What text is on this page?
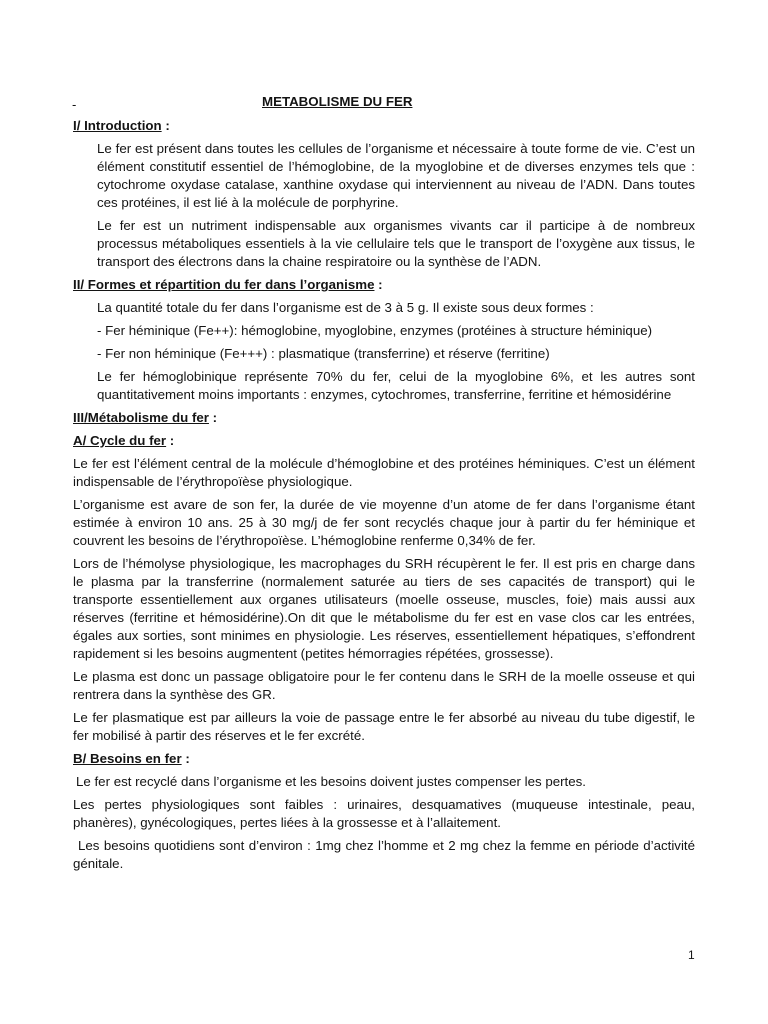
-	METABOLISME DU FER
I/ Introduction :

Le fer est présent dans toutes les cellules de l’organisme et nécessaire à toute forme de vie. C’est un élément constitutif essentiel de l’hémoglobine, de la myoglobine et de diverses enzymes tels que : cytochrome oxydase catalase, xanthine oxydase qui interviennent au niveau de l’ADN. Dans toutes ces protéines, il est lié à la molécule de porphyrine.

Le fer est un nutriment indispensable aux organismes vivants car il participe à de nombreux processus métaboliques essentiels à la vie cellulaire tels que le transport de l’oxygène aux tissus, le transport des électrons dans la chaine respiratoire ou la synthèse de l’ADN.

II/ Formes et répartition du fer dans l’organisme :

La quantité totale du fer dans l’organisme est de 3 à 5 g. Il existe sous deux formes :

- Fer héminique (Fe++): hémoglobine, myoglobine, enzymes (protéines à structure héminique)

- Fer non héminique (Fe+++) : plasmatique (transferrine) et réserve (ferritine)

Le fer hémoglobinique représente 70% du fer, celui de la myoglobine 6%, et les autres sont quantitativement moins importants : enzymes, cytochromes, transferrine, ferritine et hémosidérine

III/Métabolisme du fer :
A/ Cycle du fer :

Le fer est l’élément central de la molécule d’hémoglobine et des protéines héminiques. C’est un élément indispensable de l’érythropoïèse physiologique.

L’organisme est avare de son fer, la durée de vie moyenne d’un atome de fer dans l’organisme étant estimée à environ 10 ans. 25 à 30 mg/j de fer sont recyclés chaque jour à partir du fer héminique et couvrent les besoins de l’érythropoïèse. L’hémoglobine renferme 0,34% de fer.

Lors de l’hémolyse physiologique, les macrophages du SRH récupèrent le fer. Il est pris en charge dans le plasma par la transferrine (normalement saturée au tiers de ses capacités de transport) qui le transporte essentiellement aux organes utilisateurs (moelle osseuse, muscles, foie) mais aussi aux réserves (ferritine et hémosidérine).On dit que le métabolisme du fer est en vase clos car les entrées, égales aux sorties, sont minimes en physiologie. Les réserves, essentiellement hépatiques, s’effondrent rapidement si les besoins augmentent (petites hémorragies répétées, grossesse).

Le plasma est donc un passage obligatoire pour le fer contenu dans le SRH de la moelle osseuse et qui rentrera dans la synthèse des GR.

Le fer plasmatique est par ailleurs la voie de passage entre le fer absorbé au niveau du tube digestif, le fer mobilisé à partir des réserves et le fer excrété.

B/ Besoins en fer :

Le fer est recyclé dans l’organisme et les besoins doivent justes compenser les pertes.

Les pertes physiologiques sont faibles : urinaires, desquamatives (muqueuse intestinale, peau, phanères), gynécologiques, pertes liées à la grossesse et à l’allaitement.

Les besoins quotidiens sont d’environ : 1mg chez l’homme et 2 mg chez la femme en période d’activité génitale.

1
